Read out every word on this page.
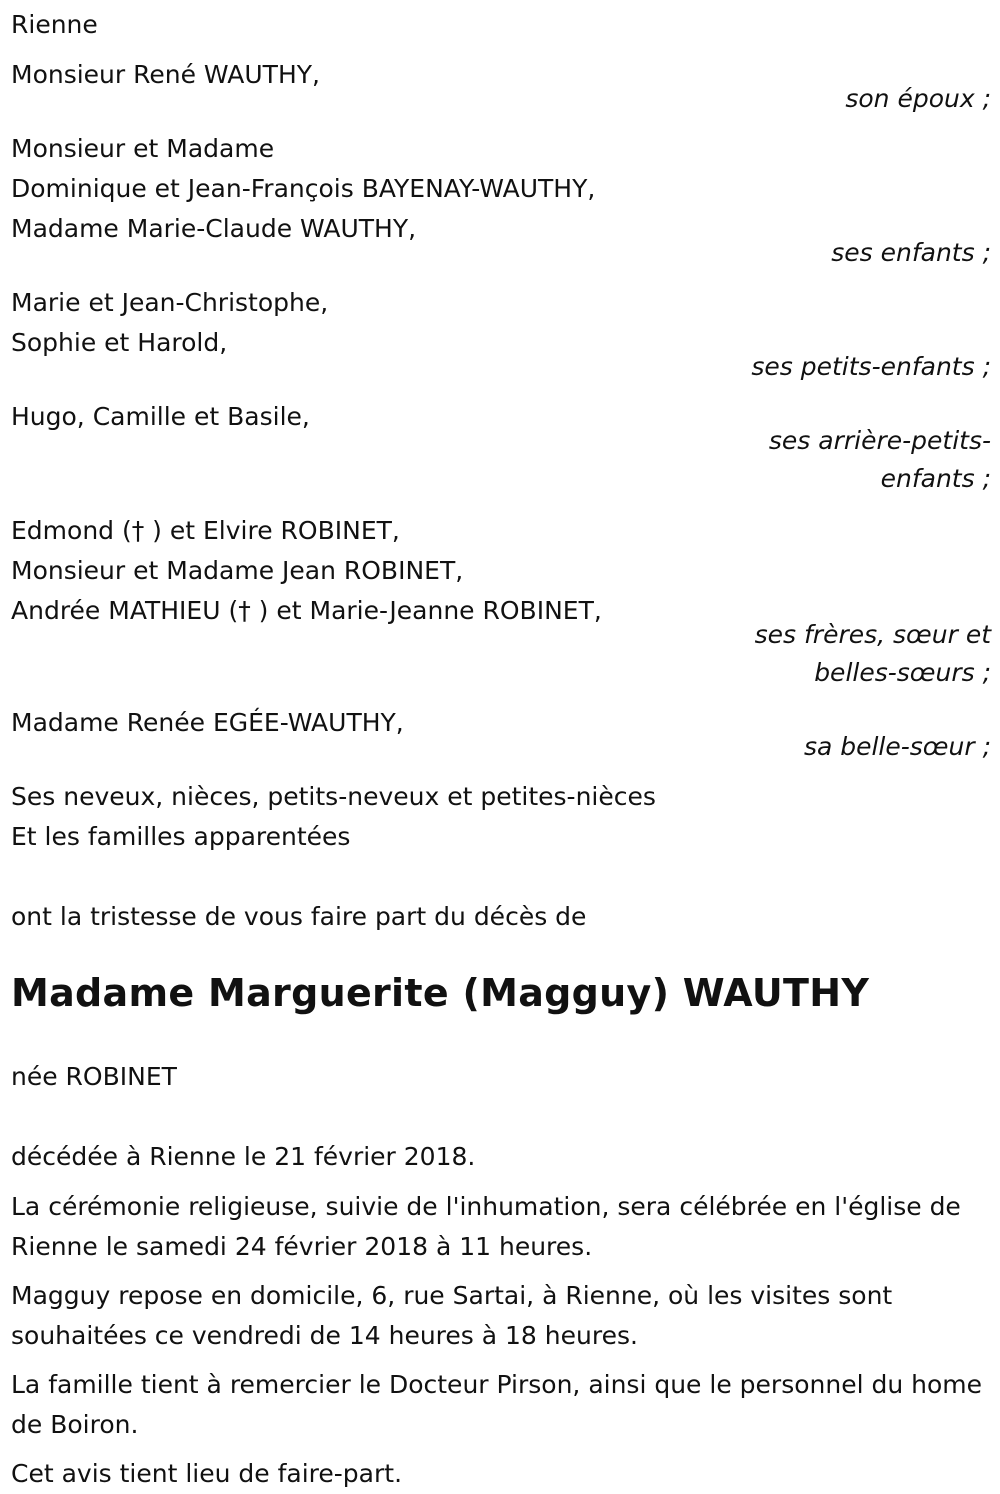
Rienne
Monsieur René WAUTHY,
son époux ;
Monsieur et Madame
Dominique et Jean-François BAYENAY-WAUTHY,
Madame Marie-Claude WAUTHY,
ses enfants ;
Marie et Jean-Christophe,
Sophie et Harold,
ses petits-enfants ;
Hugo, Camille et Basile,
ses arrière-petits-
enfants ;
Edmond († ) et Elvire ROBINET,
Monsieur et Madame Jean ROBINET,
Andrée MATHIEU († ) et Marie-Jeanne ROBINET,
ses frères, sœur et
belles-sœurs ;
Madame Renée EGÉE-WAUTHY,
sa belle-sœur ;
Ses neveux, nièces, petits-neveux et petites-nièces
Et les familles apparentées
ont la tristesse de vous faire part du décès de
Madame Marguerite (Magguy) WAUTHY
née ROBINET
décédée à Rienne le 21 février 2018.
La cérémonie religieuse, suivie de l'inhumation, sera célébrée en l'église de Rienne le samedi 24 février 2018 à 11 heures.
Magguy repose en domicile, 6, rue Sartai, à Rienne, où les visites sont souhaitées ce vendredi de 14 heures à 18 heures.
La famille tient à remercier le Docteur Pirson, ainsi que le personnel du home de Boiron.
Cet avis tient lieu de faire-part.
